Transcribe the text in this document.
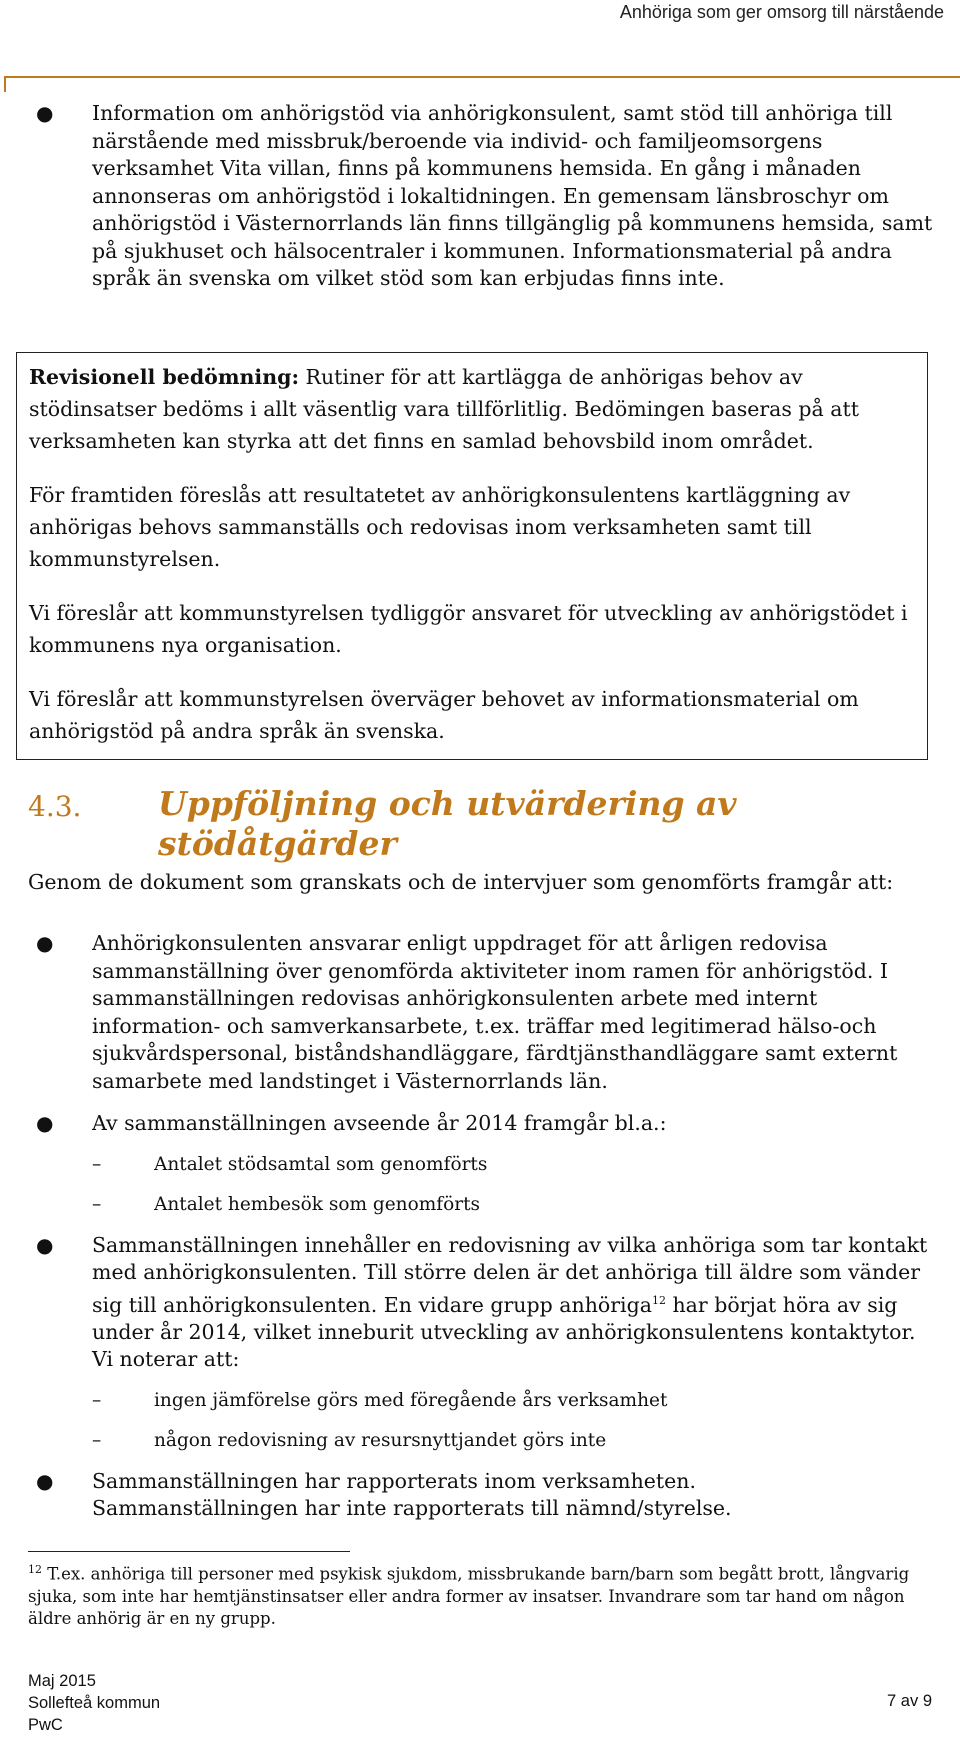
Anhöriga som ger omsorg till närstående
● Information om anhörigstöd via anhörigkonsulent, samt stöd till anhöriga till närstående med missbruk/beroende via individ- och familjeomsorgens verksamhet Vita villan, finns på kommunens hemsida. En gång i månaden annonseras om anhörigstöd i lokaltidningen. En gemensam länsbroschyr om anhörigstöd i Västernorrlands län finns tillgänglig på kommunens hemsida, samt på sjukhuset och hälsocentraler i kommunen. Informationsmaterial på andra språk än svenska om vilket stöd som kan erbjudas finns inte.

Revisionell bedömning: Rutiner för att kartlägga de anhörigas behov av stödinsatser bedöms i allt väsentlig vara tillförlitlig. Bedömingen baseras på att verksamheten kan styrka att det finns en samlad behovsbild inom området.

För framtiden föreslås att resultatetet av anhörigkonsulentens kartläggning av anhörigas behovs sammanställs och redovisas inom verksamheten samt till kommunstyrelsen.

Vi föreslår att kommunstyrelsen tydliggör ansvaret för utveckling av anhörigstödet i kommunens nya organisation.

Vi föreslår att kommunstyrelsen överväger behovet av informationsmaterial om anhörigstöd på andra språk än svenska.

4.3. Uppföljning och utvärdering av stödåtgärder

Genom de dokument som granskats och de intervjuer som genomförts framgår att:

● Anhörigkonsulenten ansvarar enligt uppdraget för att årligen redovisa sammanställning över genomförda aktiviteter inom ramen för anhörigstöd. I sammanställningen redovisas anhörigkonsulenten arbete med internt information- och samverkansarbete, t.ex. träffar med legitimerad hälso-och sjukvårdspersonal, biståndshandläggare, färdtjänsthandläggare samt externt samarbete med landstinget i Västernorrlands län.
● Av sammanställningen avseende år 2014 framgår bl.a.:
–	Antalet stödsamtal som genomförts
–	Antalet hembesök som genomförts
● Sammanställningen innehåller en redovisning av vilka anhöriga som tar kontakt med anhörigkonsulenten. Till större delen är det anhöriga till äldre som vänder sig till anhörigkonsulenten. En vidare grupp anhöriga$^{12}$ har börjat höra av sig under år 2014, vilket inneburit utveckling av anhörigkonsulentens kontaktytor. Vi noterar att:
–	ingen jämförelse görs med föregående års verksamhet
–	någon redovisning av resursnyttjandet görs inte
● Sammanställningen har rapporterats inom verksamheten.
Sammanställningen har inte rapporterats till nämnd/styrelse.

$^{12}$ T.ex. anhöriga till personer med psykisk sjukdom, missbrukande barn/barn som begått brott, långvarig sjuka, som inte har hemtjänstinsatser eller andra former av insatser. Invandrare som tar hand om någon äldre anhörig är en ny grupp.

Maj 2015
Sollefteå kommun
PwC
7 av 9
